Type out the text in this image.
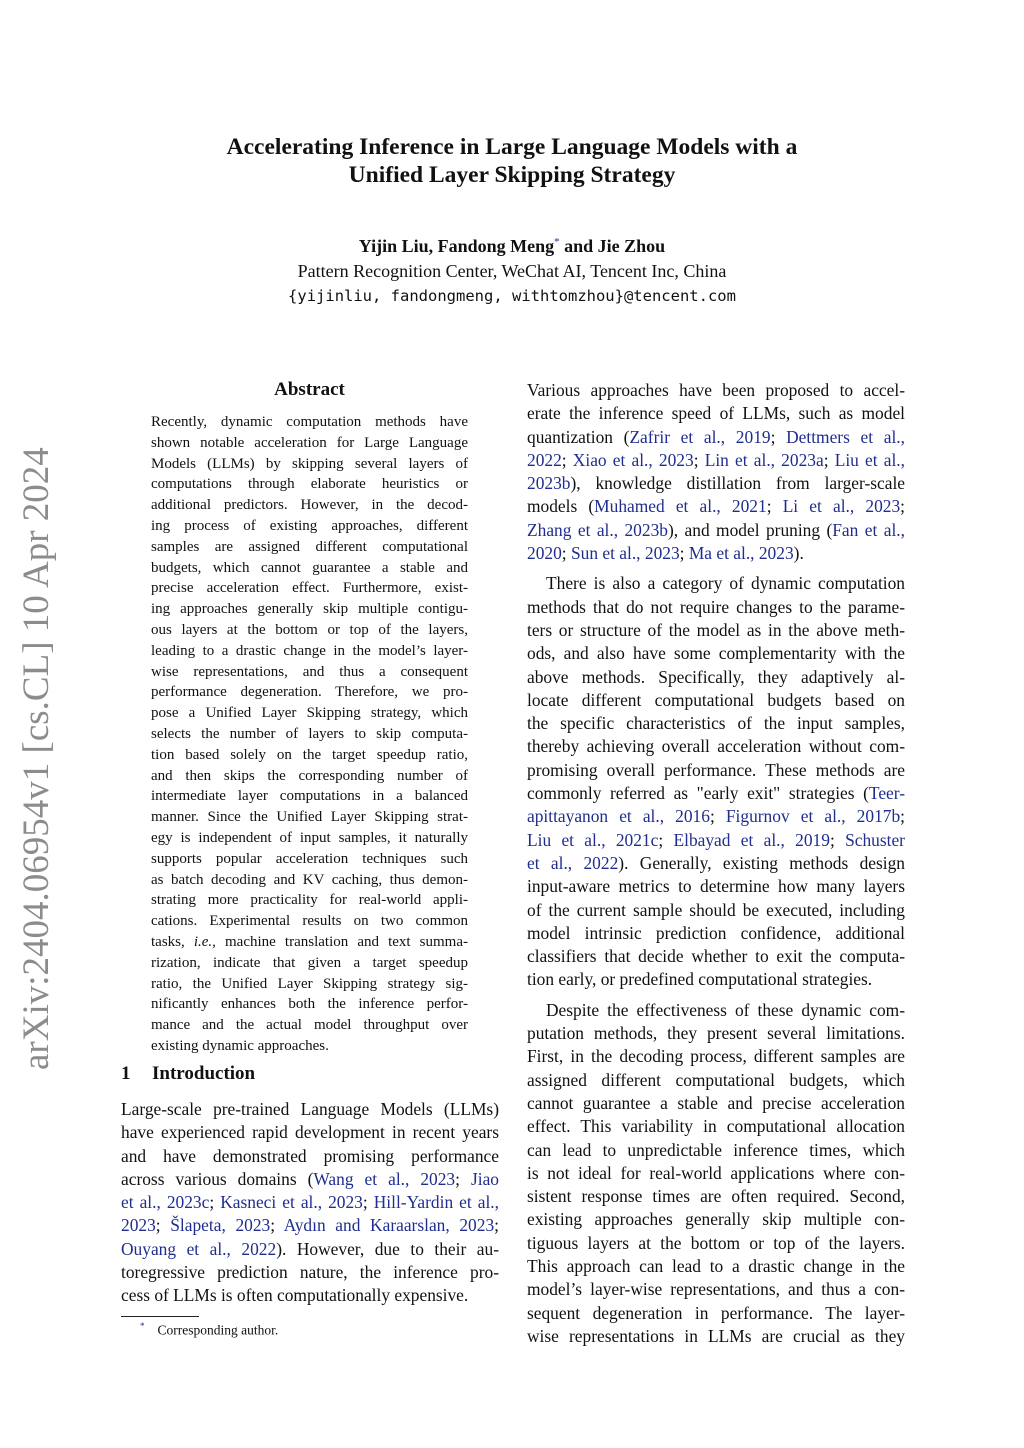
arXiv:2404.06954v1 [cs.CL] 10 Apr 2024
Accelerating Inference in Large Language Models with a
Unified Layer Skipping Strategy
Yijin Liu, Fandong Meng* and Jie Zhou
Pattern Recognition Center, WeChat AI, Tencent Inc, China
{yijinliu, fandongmeng, withtomzhou}@tencent.com
Abstract
Recently, dynamic computation methods have
shown notable acceleration for Large Language
Models (LLMs) by skipping several layers of
computations through elaborate heuristics or
additional predictors. However, in the decod-
ing process of existing approaches, different
samples are assigned different computational
budgets, which cannot guarantee a stable and
precise acceleration effect. Furthermore, exist-
ing approaches generally skip multiple contigu-
ous layers at the bottom or top of the layers,
leading to a drastic change in the model’s layer-
wise representations, and thus a consequent
performance degeneration. Therefore, we pro-
pose a Unified Layer Skipping strategy, which
selects the number of layers to skip computa-
tion based solely on the target speedup ratio,
and then skips the corresponding number of
intermediate layer computations in a balanced
manner. Since the Unified Layer Skipping strat-
egy is independent of input samples, it naturally
supports popular acceleration techniques such
as batch decoding and KV caching, thus demon-
strating more practicality for real-world appli-
cations. Experimental results on two common
tasks, i.e., machine translation and text summa-
rization, indicate that given a target speedup
ratio, the Unified Layer Skipping strategy sig-
nificantly enhances both the inference perfor-
mance and the actual model throughput over
existing dynamic approaches.
1 Introduction
Large-scale pre-trained Language Models (LLMs)
have experienced rapid development in recent years
and have demonstrated promising performance
across various domains (Wang et al., 2023; Jiao
et al., 2023c; Kasneci et al., 2023; Hill-Yardin et al.,
2023; Šlapeta, 2023; Aydın and Karaarslan, 2023;
Ouyang et al., 2022). However, due to their au-
toregressive prediction nature, the inference pro-
cess of LLMs is often computationally expensive.
* Corresponding author.
Various approaches have been proposed to accel-
erate the inference speed of LLMs, such as model
quantization (Zafrir et al., 2019; Dettmers et al.,
2022; Xiao et al., 2023; Lin et al., 2023a; Liu et al.,
2023b), knowledge distillation from larger-scale
models (Muhamed et al., 2021; Li et al., 2023;
Zhang et al., 2023b), and model pruning (Fan et al.,
2020; Sun et al., 2023; Ma et al., 2023).
There is also a category of dynamic computation
methods that do not require changes to the parame-
ters or structure of the model as in the above meth-
ods, and also have some complementarity with the
above methods. Specifically, they adaptively al-
locate different computational budgets based on
the specific characteristics of the input samples,
thereby achieving overall acceleration without com-
promising overall performance. These methods are
commonly referred as "early exit" strategies (Teer-
apittayanon et al., 2016; Figurnov et al., 2017b;
Liu et al., 2021c; Elbayad et al., 2019; Schuster
et al., 2022). Generally, existing methods design
input-aware metrics to determine how many layers
of the current sample should be executed, including
model intrinsic prediction confidence, additional
classifiers that decide whether to exit the computa-
tion early, or predefined computational strategies.
Despite the effectiveness of these dynamic com-
putation methods, they present several limitations.
First, in the decoding process, different samples are
assigned different computational budgets, which
cannot guarantee a stable and precise acceleration
effect. This variability in computational allocation
can lead to unpredictable inference times, which
is not ideal for real-world applications where con-
sistent response times are often required. Second,
existing approaches generally skip multiple con-
tiguous layers at the bottom or top of the layers.
This approach can lead to a drastic change in the
model’s layer-wise representations, and thus a con-
sequent degeneration in performance. The layer-
wise representations in LLMs are crucial as they
